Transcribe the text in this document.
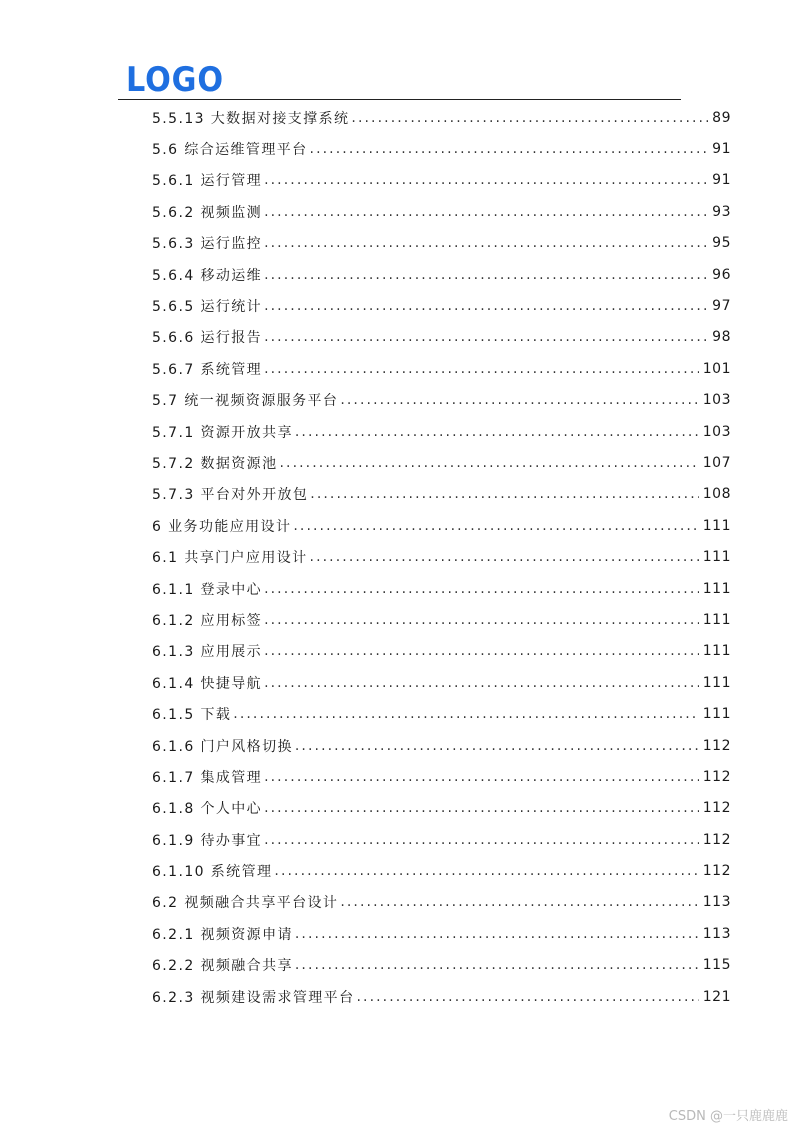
LOGO
5.5.13 大数据对接支撑系统 .....	89
5.6 综合运维管理平台 .....	91
5.6.1 运行管理 .....	91
5.6.2 视频监测 .....	93
5.6.3 运行监控 .....	95
5.6.4 移动运维 .....	96
5.6.5 运行统计 .....	97
5.6.6 运行报告 .....	98
5.6.7 系统管理 .....	101
5.7 统一视频资源服务平台 .....	103
5.7.1 资源开放共享 .....	103
5.7.2 数据资源池 .....	107
5.7.3 平台对外开放包 .....	108
6 业务功能应用设计 .....	111
6.1 共享门户应用设计 .....	111
6.1.1 登录中心 .....	111
6.1.2 应用标签 .....	111
6.1.3 应用展示 .....	111
6.1.4 快捷导航 .....	111
6.1.5 下载 .....	111
6.1.6 门户风格切换 .....	112
6.1.7 集成管理 .....	112
6.1.8 个人中心 .....	112
6.1.9 待办事宜 .....	112
6.1.10 系统管理 .....	112
6.2 视频融合共享平台设计 .....	113
6.2.1 视频资源申请 .....	113
6.2.2 视频融合共享 .....	115
6.2.3 视频建设需求管理平台 .....	121
CSDN @一只鹿鹿鹿
